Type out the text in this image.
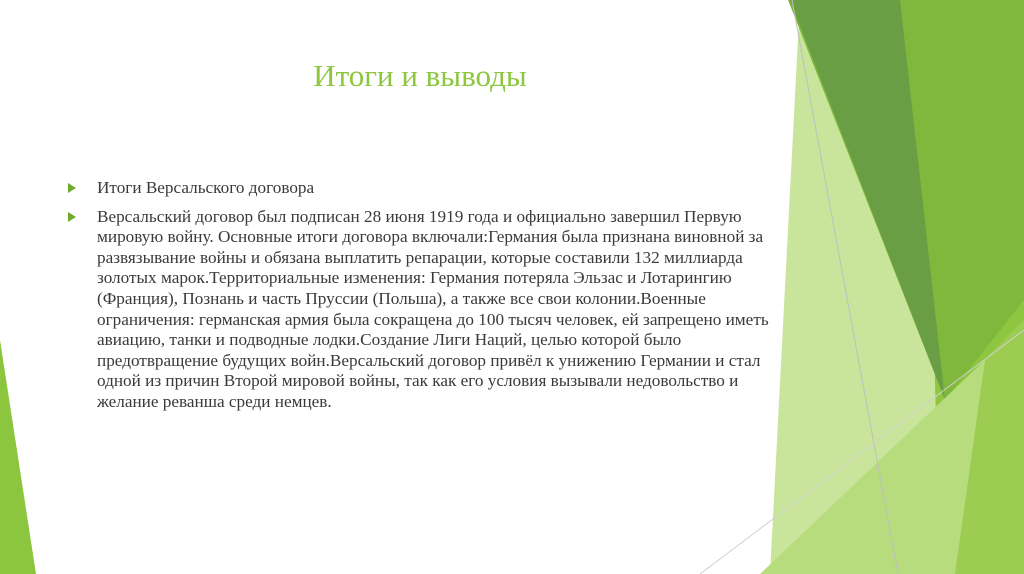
Итоги и выводы
Итоги Версальского договора
Версальский договор был подписан 28 июня 1919 года и официально завершил Первую мировую войну. Основные итоги договора включали:Германия была признана виновной за развязывание войны и обязана выплатить репарации, которые составили 132 миллиарда золотых марок.Территориальные изменения: Германия потеряла Эльзас и Лотарингию (Франция), Познань и часть Пруссии (Польша), а также все свои колонии.Военные ограничения: германская армия была сокращена до 100 тысяч человек, ей запрещено иметь авиацию, танки и подводные лодки.Создание Лиги Наций, целью которой было предотвращение будущих войн.Версальский договор привёл к унижению Германии и стал одной из причин Второй мировой войны, так как его условия вызывали недовольство и желание реванша среди немцев.
